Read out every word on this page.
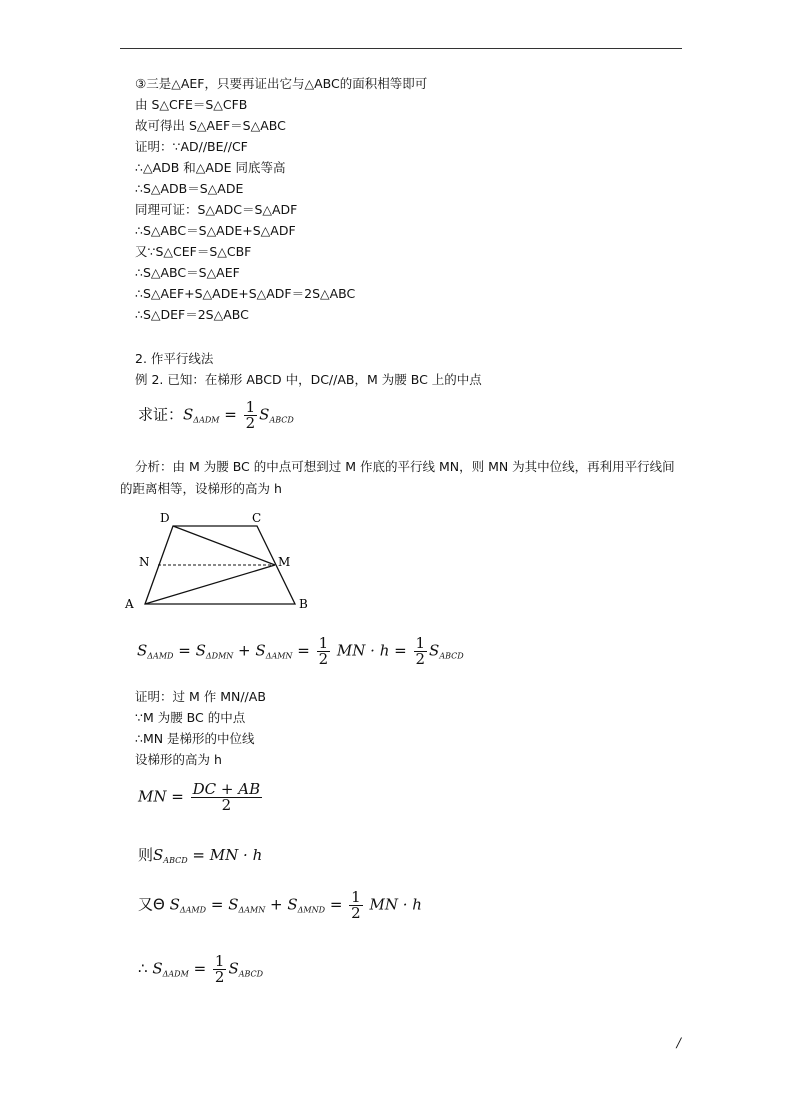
③三是△AEF，只要再证出它与△ABC的面积相等即可
由 S△CFE＝S△CFB
故可得出 S△AEF＝S△ABC
证明：∵AD//BE//CF
∴△ADB 和△ADE 同底等高
∴S△ADB＝S△ADE
同理可证：S△ADC＝S△ADF
∴S△ABC＝S△ADE+S△ADF
又∵S△CEF＝S△CBF
∴S△ABC＝S△AEF
∴S△AEF+S△ADE+S△ADF＝2S△ABC
∴S△DEF＝2S△ABC
2. 作平行线法
例 2. 已知：在梯形 ABCD 中，DC//AB，M 为腰 BC 上的中点
求证：$S_{\Delta ADM} = \frac{1}{2} S_{ABCD}$
分析：由 M 为腰 BC 的中点可想到过 M 作底的平行线 MN，则 MN 为其中位线，再利用平行线间的距离相等，设梯形的高为 h
D	C
N	M
A	B
$S_{\Delta AMD} = S_{\Delta DMN} + S_{\Delta AMN} = \frac{1}{2}$ MN · $h = \frac{1}{2} S_{ABCD}$
证明：过 M 作 MN//AB
∵M 为腰 BC 的中点
∴MN 是梯形的中位线
设梯形的高为 h
MN = $\frac{DC + AB}{2}$
则$S_{ABCD}$ = MN · h
又Θ $S_{\Delta AMD} = S_{\Delta AMN} + S_{\Delta MND} = \frac{1}{2}$ MN · h
∴ $S_{\Delta ADM} = \frac{1}{2} S_{ABCD}$
/
